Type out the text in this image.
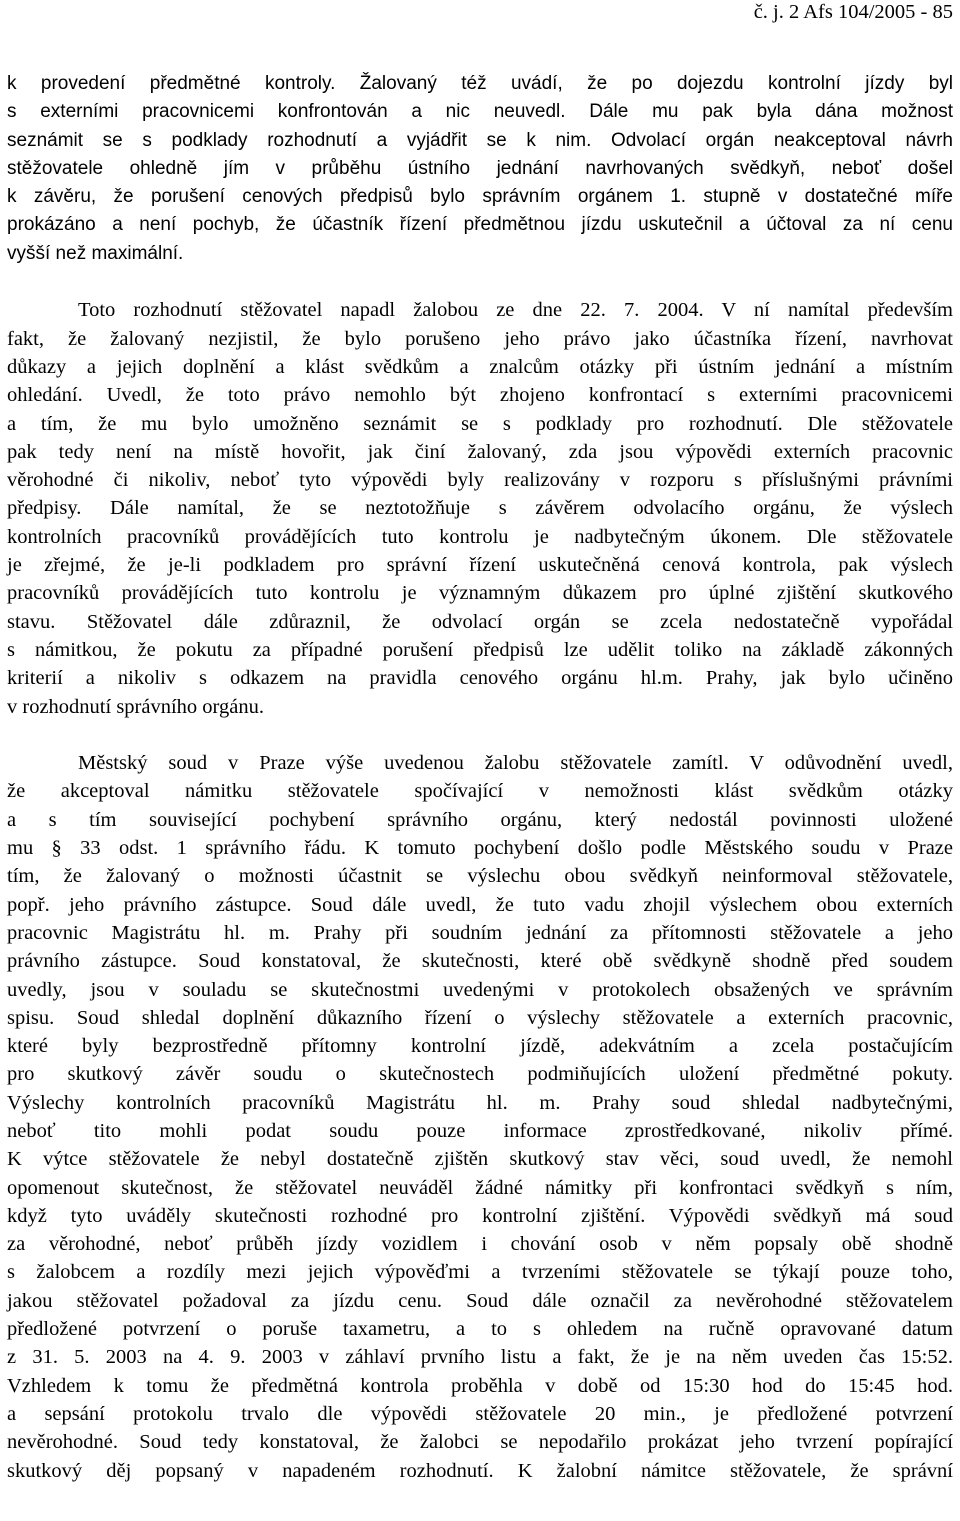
č. j. 2 Afs 104/2005 - 85
k provedení předmětné kontroly. Žalovaný též uvádí, že po dojezdu kontrolní jízdy byl
s externími pracovnicemi konfrontován a nic neuvedl. Dále mu pak byla dána možnost
seznámit se s podklady rozhodnutí a vyjádřit se k nim. Odvolací orgán neakceptoval návrh
stěžovatele ohledně jím v průběhu ústního jednání navrhovaných svědkyň, neboť došel
k závěru, že porušení cenových předpisů bylo správním orgánem 1. stupně v dostatečné míře
prokázáno a není pochyb, že účastník řízení předmětnou jízdu uskutečnil a účtoval za ní cenu
vyšší než maximální.
Toto rozhodnutí stěžovatel napadl žalobou ze dne 22. 7. 2004. V ní namítal především
fakt, že žalovaný nezjistil, že bylo porušeno jeho právo jako účastníka řízení, navrhovat
důkazy a jejich doplnění a klást svědkům a znalcům otázky při ústním jednání a místním
ohledání. Uvedl, že toto právo nemohlo být zhojeno konfrontací s externími pracovnicemi
a tím, že mu bylo umožněno seznámit se s podklady pro rozhodnutí. Dle stěžovatele
pak tedy není na místě hovořit, jak činí žalovaný, zda jsou výpovědi externích pracovnic
věrohodné či nikoliv, neboť tyto výpovědi byly realizovány v rozporu s příslušnými právními
předpisy. Dále namítal, že se neztotožňuje s závěrem odvolacího orgánu, že výslech
kontrolních pracovníků provádějících tuto kontrolu je nadbytečným úkonem. Dle stěžovatele
je zřejmé, že je-li podkladem pro správní řízení uskutečněná cenová kontrola, pak výslech
pracovníků provádějících tuto kontrolu je významným důkazem pro úplné zjištění skutkového
stavu. Stěžovatel dále zdůraznil, že odvolací orgán se zcela nedostatečně vypořádal
s námitkou, že pokutu za případné porušení předpisů lze udělit toliko na základě zákonných
kriterií a nikoliv s odkazem na pravidla cenového orgánu hl.m. Prahy, jak bylo učiněno
v rozhodnutí správního orgánu.
Městský soud v Praze výše uvedenou žalobu stěžovatele zamítl. V odůvodnění uvedl,
že akceptoval námitku stěžovatele spočívající v nemožnosti klást svědkům otázky
a s tím související pochybení správního orgánu, který nedostál povinnosti uložené
mu § 33 odst. 1 správního řádu. K tomuto pochybení došlo podle Městského soudu v Praze
tím, že žalovaný o možnosti účastnit se výslechu obou svědkyň neinformoval stěžovatele,
popř. jeho právního zástupce. Soud dále uvedl, že tuto vadu zhojil výslechem obou externích
pracovnic Magistrátu hl. m. Prahy při soudním jednání za přítomnosti stěžovatele a jeho
právního zástupce. Soud konstatoval, že skutečnosti, které obě svědkyně shodně před soudem
uvedly, jsou v souladu se skutečnostmi uvedenými v protokolech obsažených ve správním
spisu. Soud shledal doplnění důkazního řízení o výslechy stěžovatele a externích pracovnic,
které byly bezprostředně přítomny kontrolní jízdě, adekvátním a zcela postačujícím
pro skutkový závěr soudu o skutečnostech podmiňujících uložení předmětné pokuty.
Výslechy kontrolních pracovníků Magistrátu hl. m. Prahy soud shledal nadbytečnými,
neboť tito mohli podat soudu pouze informace zprostředkované, nikoliv přímé.
K výtce stěžovatele že nebyl dostatečně zjištěn skutkový stav věci, soud uvedl, že nemohl
opomenout skutečnost, že stěžovatel neuváděl žádné námitky při konfrontaci svědkyň s ním,
když tyto uváděly skutečnosti rozhodné pro kontrolní zjištění. Výpovědi svědkyň má soud
za věrohodné, neboť průběh jízdy vozidlem i chování osob v něm popsaly obě shodně
s žalobcem a rozdíly mezi jejich výpověďmi a tvrzeními stěžovatele se týkají pouze toho,
jakou stěžovatel požadoval za jízdu cenu. Soud dále označil za nevěrohodné stěžovatelem
předložené potvrzení o poruše taxametru, a to s ohledem na ručně opravované datum
z 31. 5. 2003 na 4. 9. 2003 v záhlaví prvního listu a fakt, že je na něm uveden čas 15:52.
Vzhledem k tomu že předmětná kontrola proběhla v době od 15:30 hod do 15:45 hod.
a sepsání protokolu trvalo dle výpovědi stěžovatele 20 min., je předložené potvrzení
nevěrohodné. Soud tedy konstatoval, že žalobci se nepodařilo prokázat jeho tvrzení popírající
skutkový děj popsaný v napadeném rozhodnutí. K žalobní námitce stěžovatele, že správní
